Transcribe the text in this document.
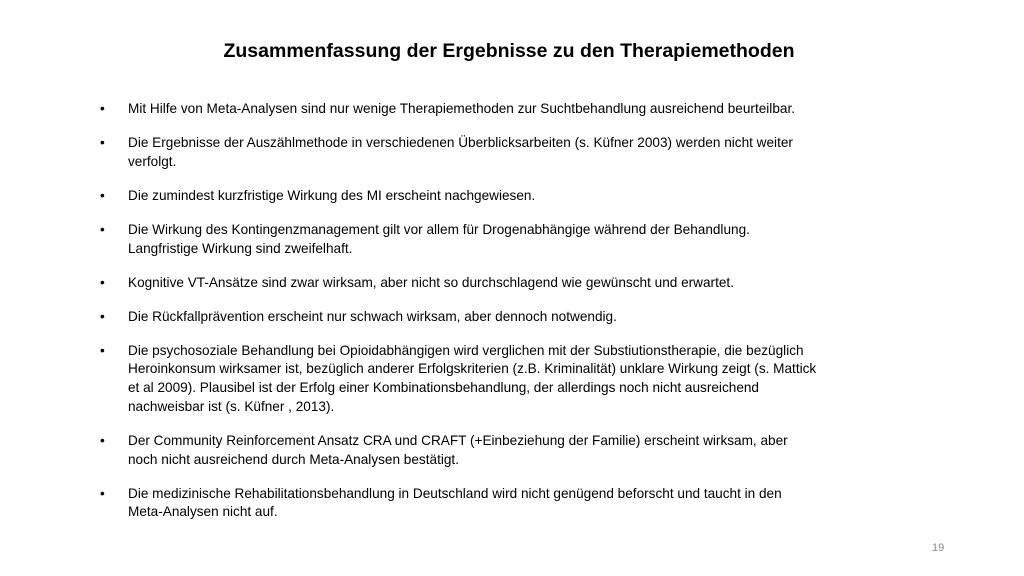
Zusammenfassung der Ergebnisse zu den Therapiemethoden
•	Mit Hilfe von Meta-Analysen sind nur wenige Therapiemethoden zur Suchtbehandlung ausreichend beurteilbar.
•	Die Ergebnisse der Auszählmethode in verschiedenen Überblicksarbeiten (s. Küfner 2003) werden nicht weiter
verfolgt.
•	Die zumindest kurzfristige Wirkung des MI erscheint nachgewiesen.
•	Die Wirkung des Kontingenzmanagement gilt vor allem für Drogenabhängige während der Behandlung.
Langfristige Wirkung sind zweifelhaft.
•	Kognitive VT-Ansätze sind zwar wirksam, aber nicht so durchschlagend wie gewünscht und erwartet.
•	Die Rückfallprävention erscheint nur schwach wirksam, aber dennoch notwendig.
•	Die psychosoziale Behandlung bei Opioidabhängigen wird verglichen mit der Substiutionstherapie, die bezüglich
Heroinkonsum wirksamer ist, bezüglich anderer Erfolgskriterien (z.B. Kriminalität) unklare Wirkung zeigt (s. Mattick
et al 2009). Plausibel ist der Erfolg einer Kombinationsbehandlung, der allerdings noch nicht ausreichend
nachweisbar ist (s. Küfner , 2013).
•	Der Community Reinforcement Ansatz CRA und CRAFT (+Einbeziehung der Familie) erscheint wirksam, aber
noch nicht ausreichend durch Meta-Analysen bestätigt.
•	Die medizinische Rehabilitationsbehandlung in Deutschland wird nicht genügend beforscht und taucht in den
Meta-Analysen nicht auf.
19
